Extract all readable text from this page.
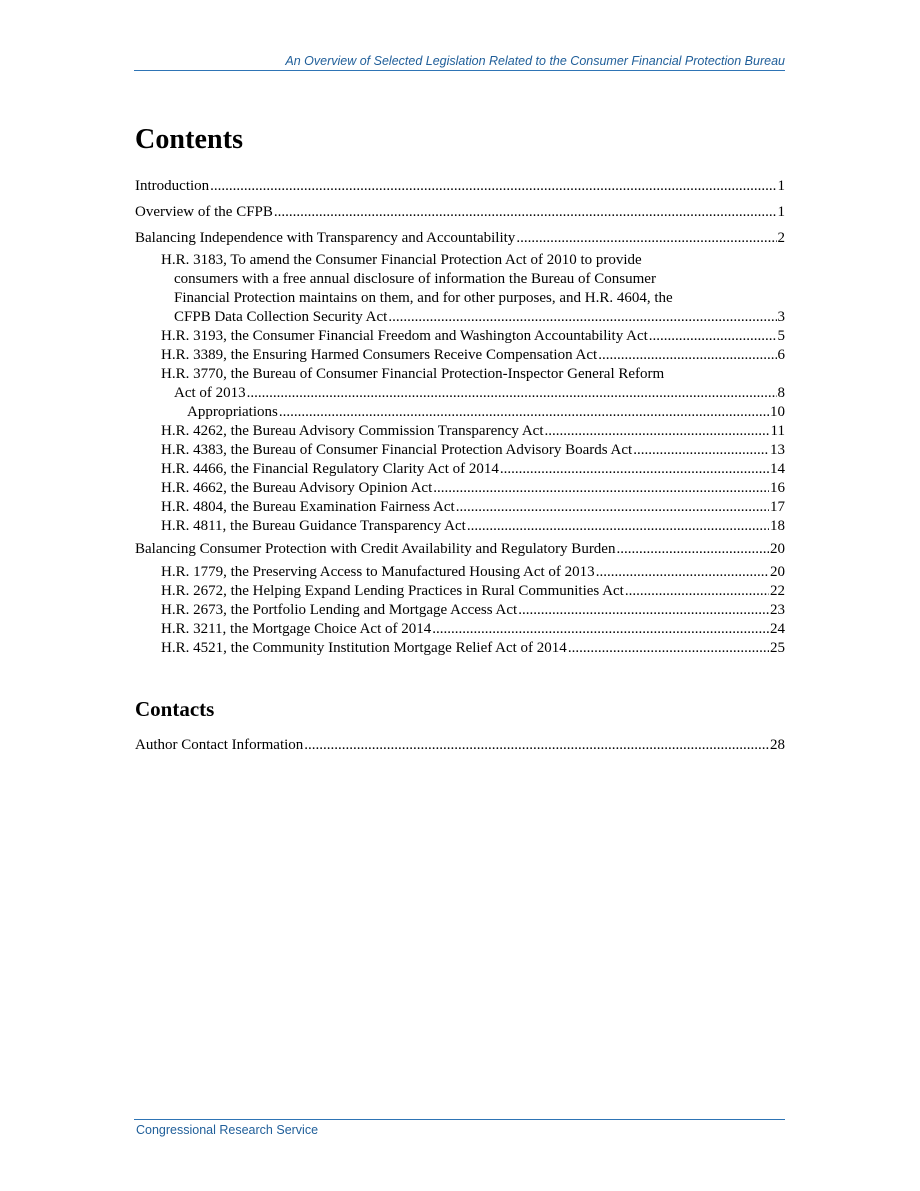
An Overview of Selected Legislation Related to the Consumer Financial Protection Bureau
Contents
Introduction .....	1
Overview of the CFPB .....	1
Balancing Independence with Transparency and Accountability .....	2
H.R. 3183, To amend the Consumer Financial Protection Act of 2010 to provide
consumers with a free annual disclosure of information the Bureau of Consumer
Financial Protection maintains on them, and for other purposes, and H.R. 4604, the
CFPB Data Collection Security Act .....	3
H.R. 3193, the Consumer Financial Freedom and Washington Accountability Act .....	5
H.R. 3389, the Ensuring Harmed Consumers Receive Compensation Act .....	6
H.R. 3770, the Bureau of Consumer Financial Protection-Inspector General Reform
Act of 2013 .....	8
Appropriations .....	10
H.R. 4262, the Bureau Advisory Commission Transparency Act .....	11
H.R. 4383, the Bureau of Consumer Financial Protection Advisory Boards Act .....	13
H.R. 4466, the Financial Regulatory Clarity Act of 2014 .....	14
H.R. 4662, the Bureau Advisory Opinion Act .....	16
H.R. 4804, the Bureau Examination Fairness Act .....	17
H.R. 4811, the Bureau Guidance Transparency Act .....	18
Balancing Consumer Protection with Credit Availability and Regulatory Burden .....	20
H.R. 1779, the Preserving Access to Manufactured Housing Act of 2013 .....	20
H.R. 2672, the Helping Expand Lending Practices in Rural Communities Act .....	22
H.R. 2673, the Portfolio Lending and Mortgage Access Act .....	23
H.R. 3211, the Mortgage Choice Act of 2014 .....	24
H.R. 4521, the Community Institution Mortgage Relief Act of 2014 .....	25
Author Contact Information .....	28
Contacts
Congressional Research Service
